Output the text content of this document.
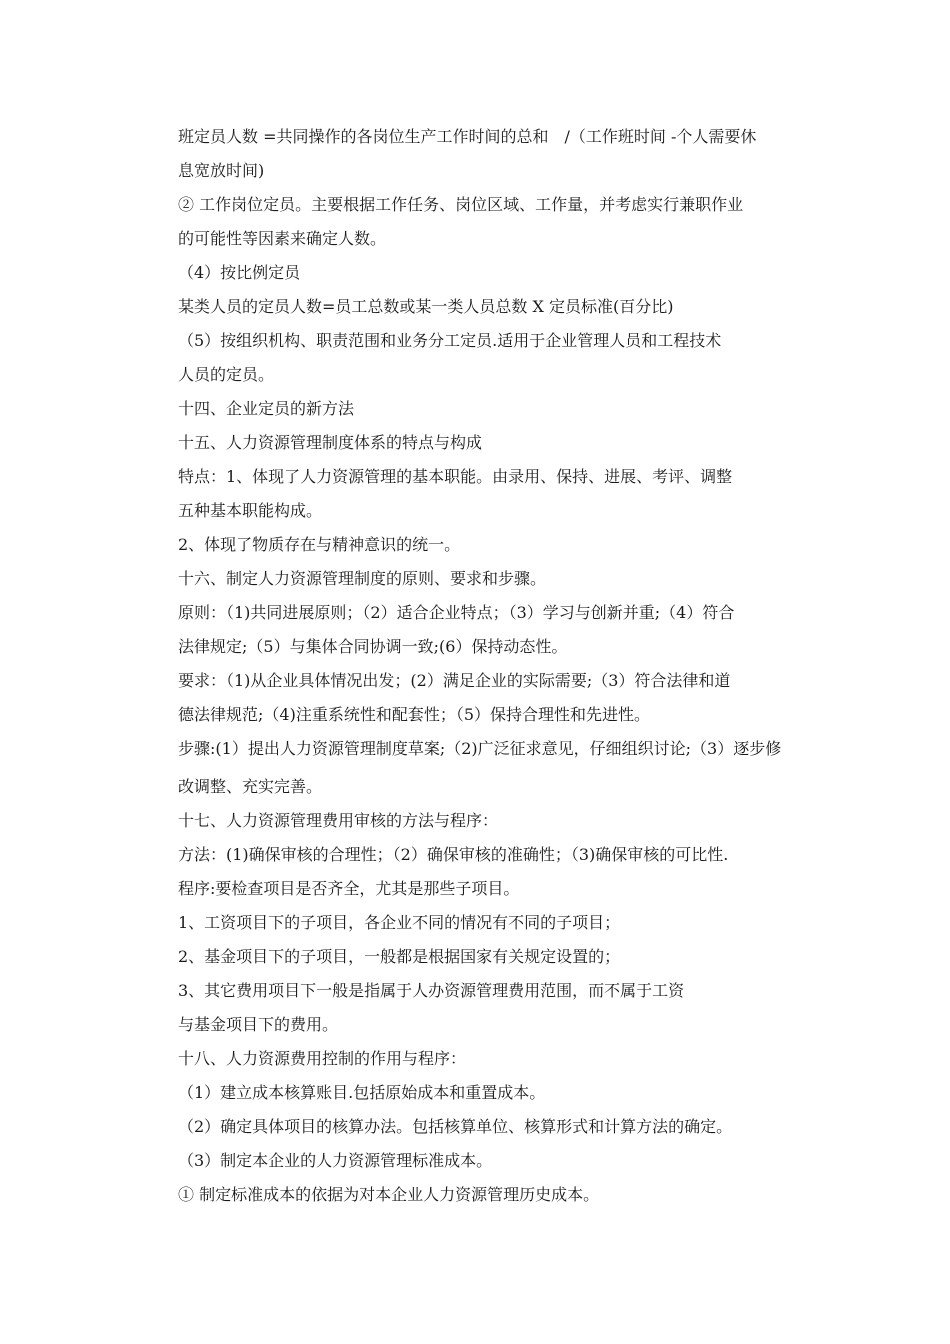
班定员人数 =共同操作的各岗位生产工作时间的总和　/（工作班时间 -个人需要休
息宽放时间)
② 工作岗位定员。主要根据工作任务、岗位区域、工作量，并考虑实行兼职作业
的可能性等因素来确定人数。
（4）按比例定员
某类人员的定员人数=员工总数或某一类人员总数 X 定员标准(百分比)
（5）按组织机构、职责范围和业务分工定员.适用于企业管理人员和工程技术
人员的定员。
十四、企业定员的新方法
十五、人力资源管理制度体系的特点与构成
特点：1、体现了人力资源管理的基本职能。由录用、保持、进展、考评、调整
五种基本职能构成。
2、体现了物质存在与精神意识的统一。
十六、制定人力资源管理制度的原则、要求和步骤。
原则：（1)共同进展原则；（2）适合企业特点；（3）学习与创新并重;（4）符合
法律规定;（5）与集体合同协调一致;(6）保持动态性。
要求：（1)从企业具体情况出发；(2）满足企业的实际需要;（3）符合法律和道
德法律规范;（4)注重系统性和配套性；（5）保持合理性和先进性。
步骤:(1）提出人力资源管理制度草案;（2)广泛征求意见，仔细组织讨论;（3）逐步修
改调整、充实完善。
十七、人力资源管理费用审核的方法与程序：
方法：(1)确保审核的合理性；（2）确保审核的准确性；（3)确保审核的可比性.
程序:要检查项目是否齐全，尤其是那些子项目。
1、工资项目下的子项目，各企业不同的情况有不同的子项目；
2、基金项目下的子项目，一般都是根据国家有关规定设置的；
3、其它费用项目下一般是指属于人办资源管理费用范围，而不属于工资
与基金项目下的费用。
十八、人力资源费用控制的作用与程序：
（1）建立成本核算账目.包括原始成本和重置成本。
（2）确定具体项目的核算办法。包括核算单位、核算形式和计算方法的确定。
（3）制定本企业的人力资源管理标准成本。
① 制定标准成本的依据为对本企业人力资源管理历史成本。
